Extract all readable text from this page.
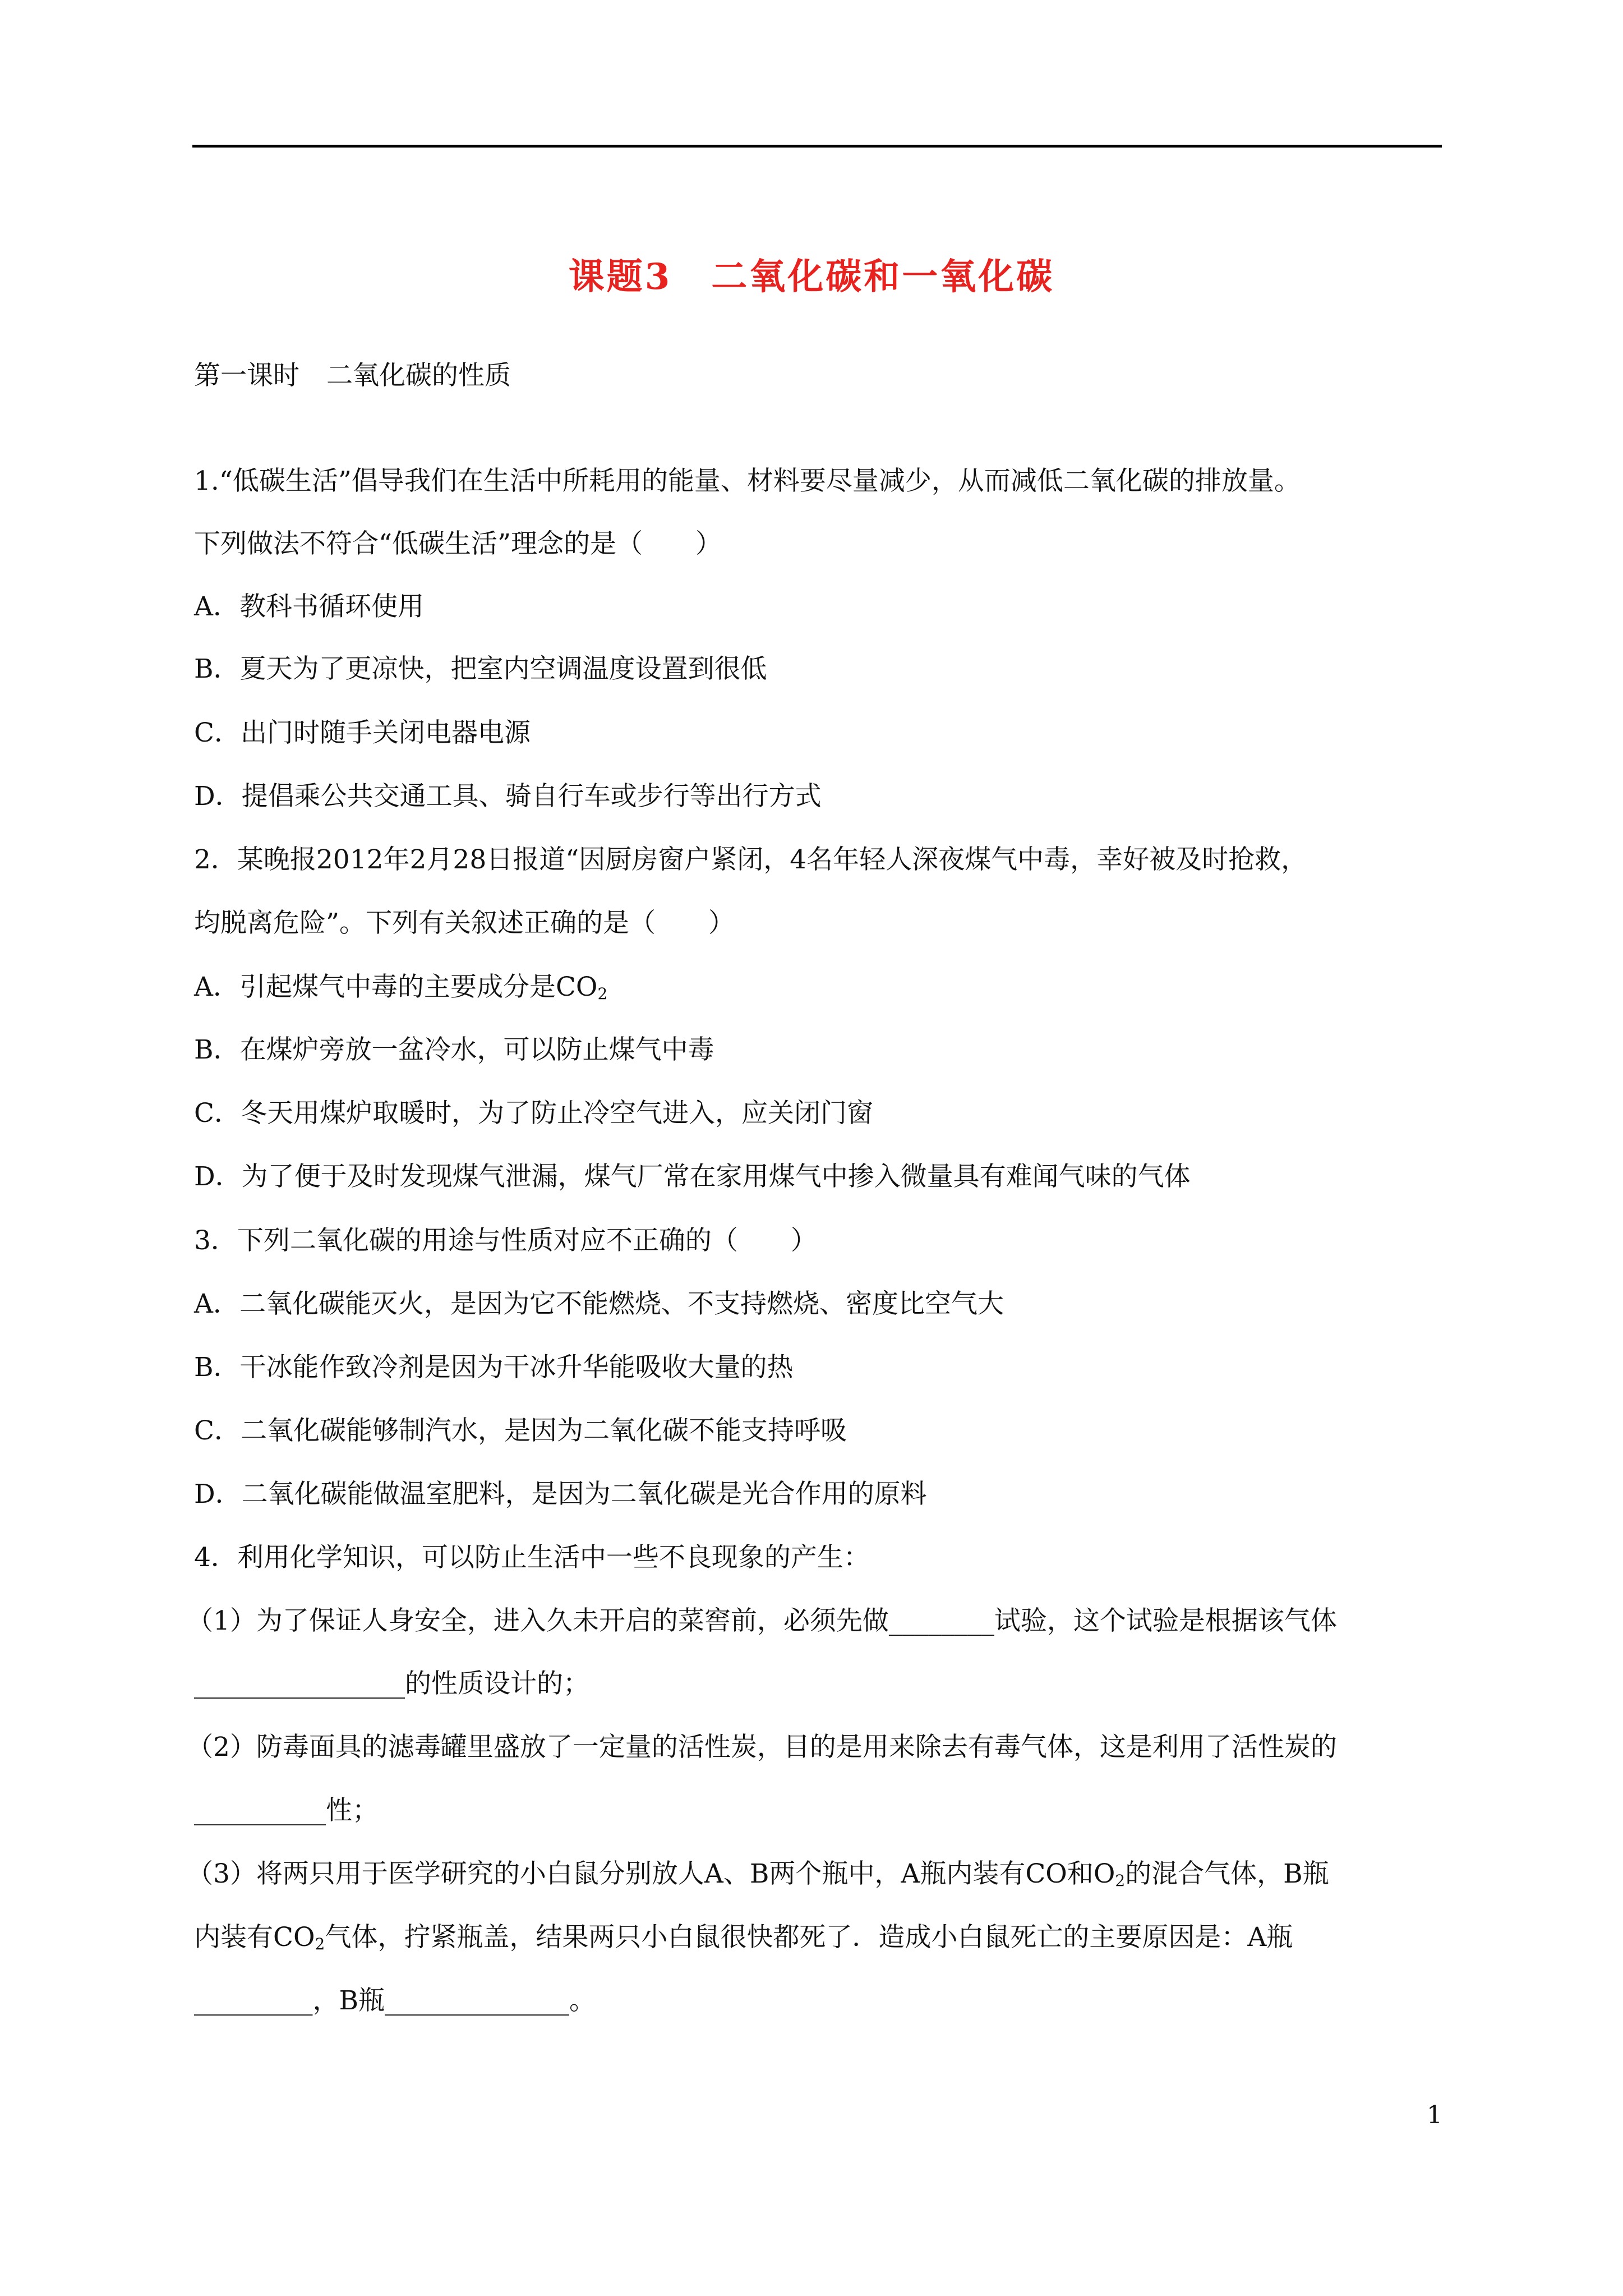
课题3 二氧化碳和一氧化碳
第一课时 二氧化碳的性质
1.“低碳生活”倡导我们在生活中所耗用的能量、材料要尽量减少，从而减低二氧化碳的排放量。
下列做法不符合“低碳生活”理念的是（　　）
A．教科书循环使用
B．夏天为了更凉快，把室内空调温度设置到很低
C．出门时随手关闭电器电源
D．提倡乘公共交通工具、骑自行车或步行等出行方式
2．某晚报2012年2月28日报道“因厨房窗户紧闭，4名年轻人深夜煤气中毒，幸好被及时抢救，
均脱离危险”。下列有关叙述正确的是（　　）
A．引起煤气中毒的主要成分是$CO_2$
B．在煤炉旁放一盆冷水，可以防止煤气中毒
C．冬天用煤炉取暖时，为了防止冷空气进入，应关闭门窗
D．为了便于及时发现煤气泄漏，煤气厂常在家用煤气中掺入微量具有难闻气味的气体
3．下列二氧化碳的用途与性质对应不正确的（　　）
A．二氧化碳能灭火，是因为它不能燃烧、不支持燃烧、密度比空气大
B．干冰能作致冷剂是因为干冰升华能吸收大量的热
C．二氧化碳能够制汽水，是因为二氧化碳不能支持呼吸
D．二氧化碳能做温室肥料，是因为二氧化碳是光合作用的原料
4．利用化学知识，可以防止生活中一些不良现象的产生：
（1）为了保证人身安全，进入久未开启的菜窖前，必须先做________试验，这个试验是根据该气体
________________的性质设计的；
（2）防毒面具的滤毒罐里盛放了一定量的活性炭，目的是用来除去有毒气体，这是利用了活性炭的
__________性；
（3）将两只用于医学研究的小白鼠分别放人A、B两个瓶中，A瓶内装有CO和$O_2$的混合气体，B瓶
内装有$CO_2$气体，拧紧瓶盖，结果两只小白鼠很快都死了．造成小白鼠死亡的主要原因是：A瓶
_________，B瓶______________。
1
